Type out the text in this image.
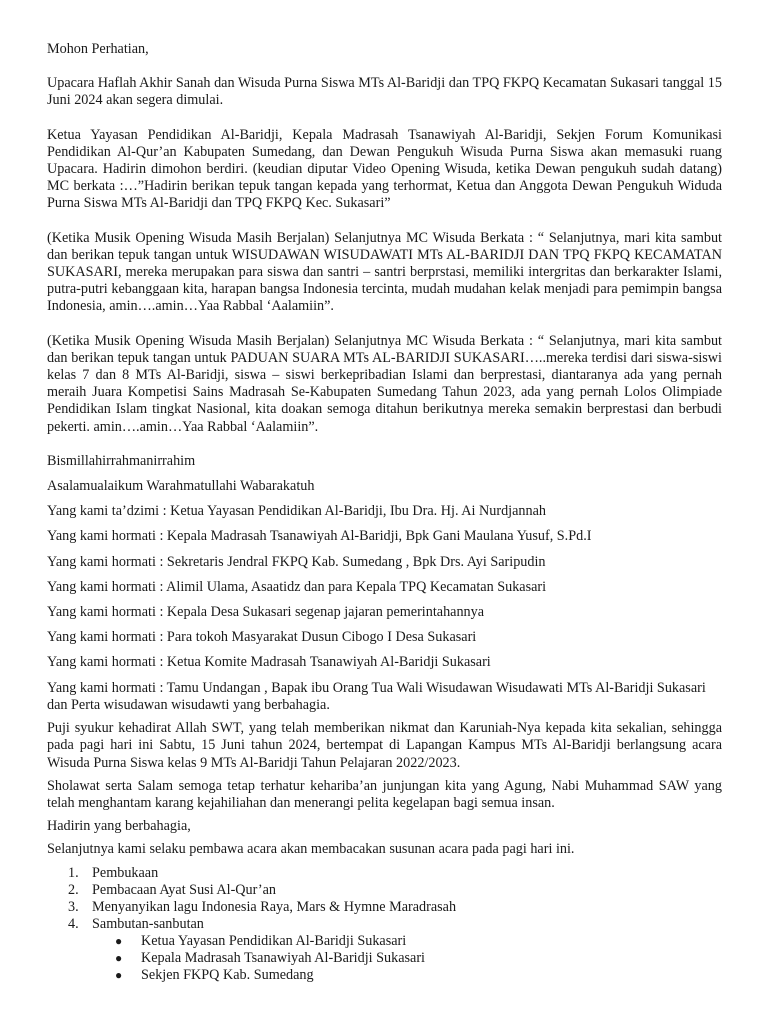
Mohon Perhatian,

Upacara Haflah Akhir Sanah dan Wisuda Purna Siswa MTs Al-Baridji dan TPQ FKPQ Kecamatan Sukasari tanggal 15 Juni 2024 akan segera dimulai.

Ketua Yayasan Pendidikan Al-Baridji, Kepala Madrasah Tsanawiyah Al-Baridji, Sekjen Forum Komunikasi Pendidikan Al-Qur’an Kabupaten Sumedang, dan Dewan Pengukuh Wisuda Purna Siswa akan memasuki ruang Upacara. Hadirin dimohon berdiri. (keudian diputar Video Opening Wisuda, ketika Dewan pengukuh sudah datang) MC berkata :…”Hadirin berikan tepuk tangan kepada yang terhormat, Ketua dan Anggota Dewan Pengukuh Widuda Purna Siswa MTs Al-Baridji dan TPQ FKPQ Kec. Sukasari”

(Ketika Musik Opening Wisuda Masih Berjalan) Selanjutnya MC Wisuda Berkata : “ Selanjutnya, mari kita sambut dan berikan tepuk tangan untuk WISUDAWAN WISUDAWATI MTs AL-BARIDJI DAN TPQ FKPQ KECAMATAN SUKASARI, mereka merupakan para siswa dan santri – santri berprstasi, memiliki intergritas dan berkarakter Islami, putra-putri kebanggaan kita, harapan bangsa Indonesia tercinta, mudah mudahan kelak menjadi para pemimpin bangsa Indonesia, amin….amin…Yaa Rabbal ‘Aalamiin”.

(Ketika Musik Opening Wisuda Masih Berjalan) Selanjutnya MC Wisuda Berkata : “ Selanjutnya, mari kita sambut dan berikan tepuk tangan untuk PADUAN SUARA MTs AL-BARIDJI SUKASARI…..mereka terdisi dari siswa-siswi kelas 7 dan 8 MTs Al-Baridji, siswa – siswi berkepribadian Islami dan berprestasi, diantaranya ada yang pernah meraih Juara Kompetisi Sains Madrasah Se-Kabupaten Sumedang Tahun 2023, ada yang pernah Lolos Olimpiade Pendidikan Islam tingkat Nasional, kita doakan semoga ditahun berikutnya mereka semakin berprestasi dan berbudi pekerti. amin….amin…Yaa Rabbal ‘Aalamiin”.

Bismillahirrahmanirrahim

Asalamualaikum Warahmatullahi Wabarakatuh

Yang kami ta’dzimi : Ketua Yayasan Pendidikan Al-Baridji, Ibu Dra. Hj. Ai Nurdjannah

Yang kami hormati : Kepala Madrasah Tsanawiyah Al-Baridji, Bpk Gani Maulana Yusuf, S.Pd.I

Yang kami hormati : Sekretaris Jendral FKPQ Kab. Sumedang , Bpk Drs. Ayi Saripudin

Yang kami hormati : Alimil Ulama, Asaatidz dan para Kepala TPQ Kecamatan Sukasari

Yang kami hormati : Kepala Desa Sukasari segenap jajaran pemerintahannya

Yang kami hormati : Para tokoh Masyarakat Dusun Cibogo I Desa Sukasari

Yang kami hormati : Ketua Komite Madrasah Tsanawiyah Al-Baridji Sukasari

Yang kami hormati : Tamu Undangan , Bapak ibu Orang Tua Wali Wisudawan Wisudawati MTs Al-Baridji Sukasari dan Perta wisudawan wisudawti yang berbahagia.

Puji syukur kehadirat Allah SWT, yang telah memberikan nikmat dan Karuniah-Nya kepada kita sekalian, sehingga pada pagi hari ini Sabtu, 15 Juni tahun 2024, bertempat di Lapangan Kampus MTs Al-Baridji berlangsung acara Wisuda Purna Siswa kelas 9 MTs Al-Baridji Tahun Pelajaran 2022/2023.

Sholawat serta Salam semoga tetap terhatur kehariba’an junjungan kita yang Agung, Nabi Muhammad SAW yang telah menghantam karang kejahiliahan dan menerangi pelita kegelapan bagi semua insan.

Hadirin yang berbahagia,

Selanjutnya kami selaku pembawa acara akan membacakan susunan acara pada pagi hari ini.

1. Pembukaan
2. Pembacaan Ayat Susi Al-Qur’an
3. Menyanyikan lagu Indonesia Raya, Mars & Hymne Maradrasah
4. Sambutan-sanbutan
● Ketua Yayasan Pendidikan Al-Baridji Sukasari
● Kepala Madrasah Tsanawiyah Al-Baridji Sukasari
● Sekjen FKPQ Kab. Sumedang
